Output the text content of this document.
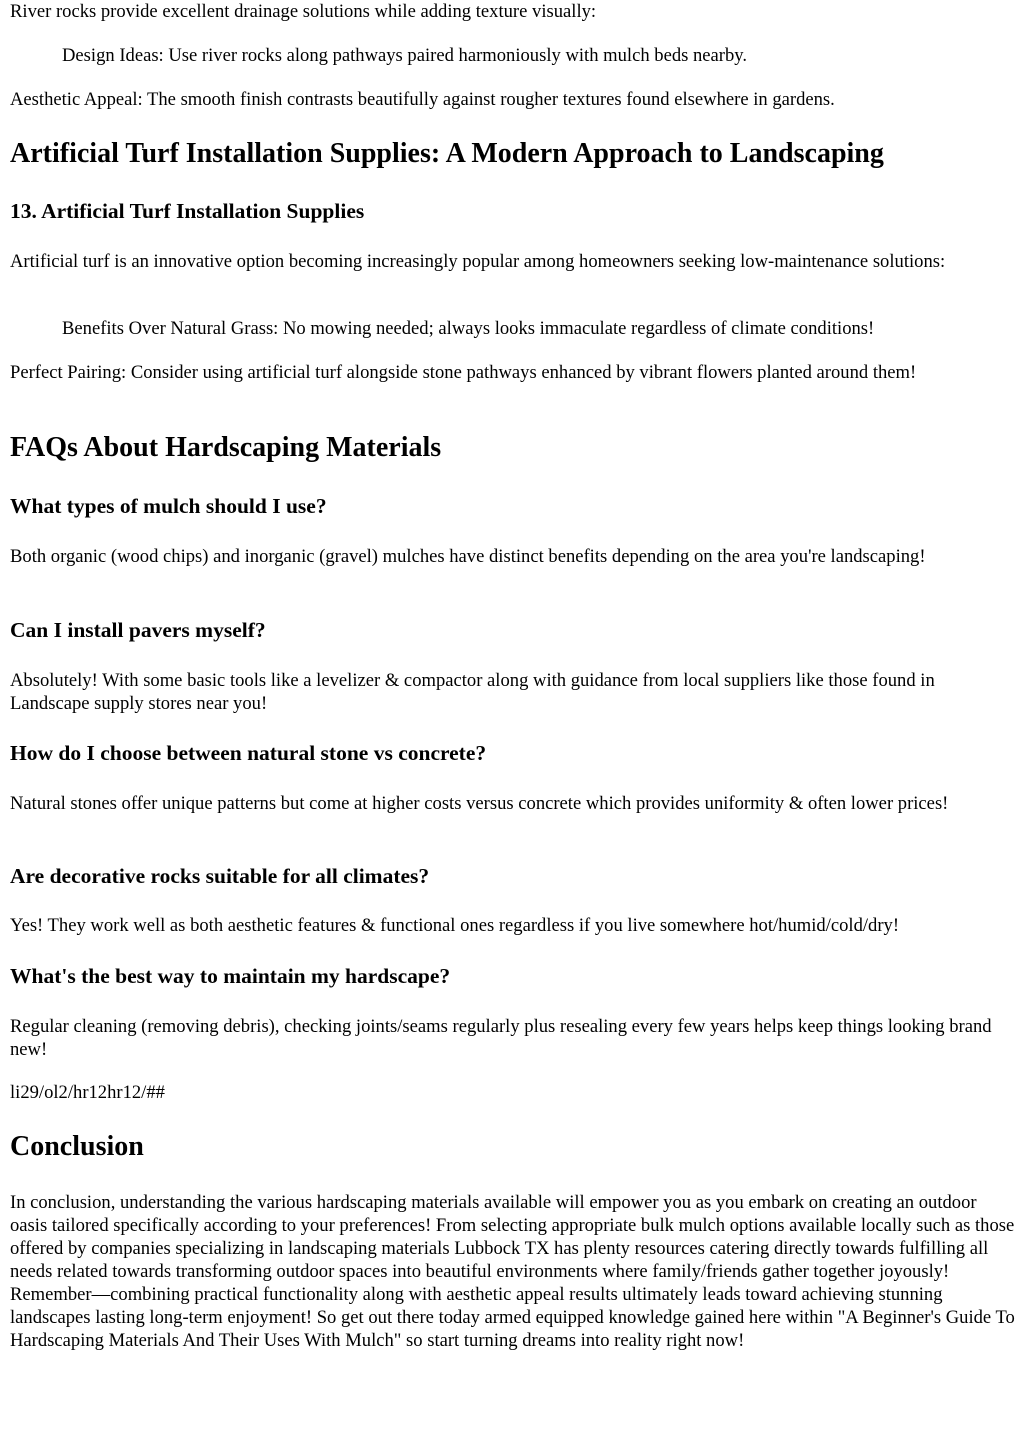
River rocks provide excellent drainage solutions while adding texture visually:

Design Ideas: Use river rocks along pathways paired harmoniously with mulch beds nearby.

Aesthetic Appeal: The smooth finish contrasts beautifully against rougher textures found elsewhere in gardens.

Artificial Turf Installation Supplies: A Modern Approach to Landscaping
13. Artificial Turf Installation Supplies

Artificial turf is an innovative option becoming increasingly popular among homeowners seeking low-maintenance solutions:

Benefits Over Natural Grass: No mowing needed; always looks immaculate regardless of climate conditions!

Perfect Pairing: Consider using artificial turf alongside stone pathways enhanced by vibrant flowers planted around them!

FAQs About Hardscaping Materials
What types of mulch should I use?

Both organic (wood chips) and inorganic (gravel) mulches have distinct benefits depending on the area you're landscaping!

Can I install pavers myself?

Absolutely! With some basic tools like a levelizer & compactor along with guidance from local suppliers like those found in Landscape supply stores near you!

How do I choose between natural stone vs concrete?

Natural stones offer unique patterns but come at higher costs versus concrete which provides uniformity & often lower prices!

Are decorative rocks suitable for all climates?

Yes! They work well as both aesthetic features & functional ones regardless if you live somewhere hot/humid/cold/dry!

What's the best way to maintain my hardscape?

Regular cleaning (removing debris), checking joints/seams regularly plus resealing every few years helps keep things looking brand new!

li29/ol2/hr12hr12/##

Conclusion

In conclusion, understanding the various hardscaping materials available will empower you as you embark on creating an outdoor oasis tailored specifically according to your preferences! From selecting appropriate bulk mulch options available locally such as those offered by companies specializing in landscaping materials Lubbock TX has plenty resources catering directly towards fulfilling all needs related towards transforming outdoor spaces into beautiful environments where family/friends gather together joyously! Remember—combining practical functionality along with aesthetic appeal results ultimately leads toward achieving stunning landscapes lasting long-term enjoyment! So get out there today armed equipped knowledge gained here within "A Beginner's Guide To Hardscaping Materials And Their Uses With Mulch" so start turning dreams into reality right now!
